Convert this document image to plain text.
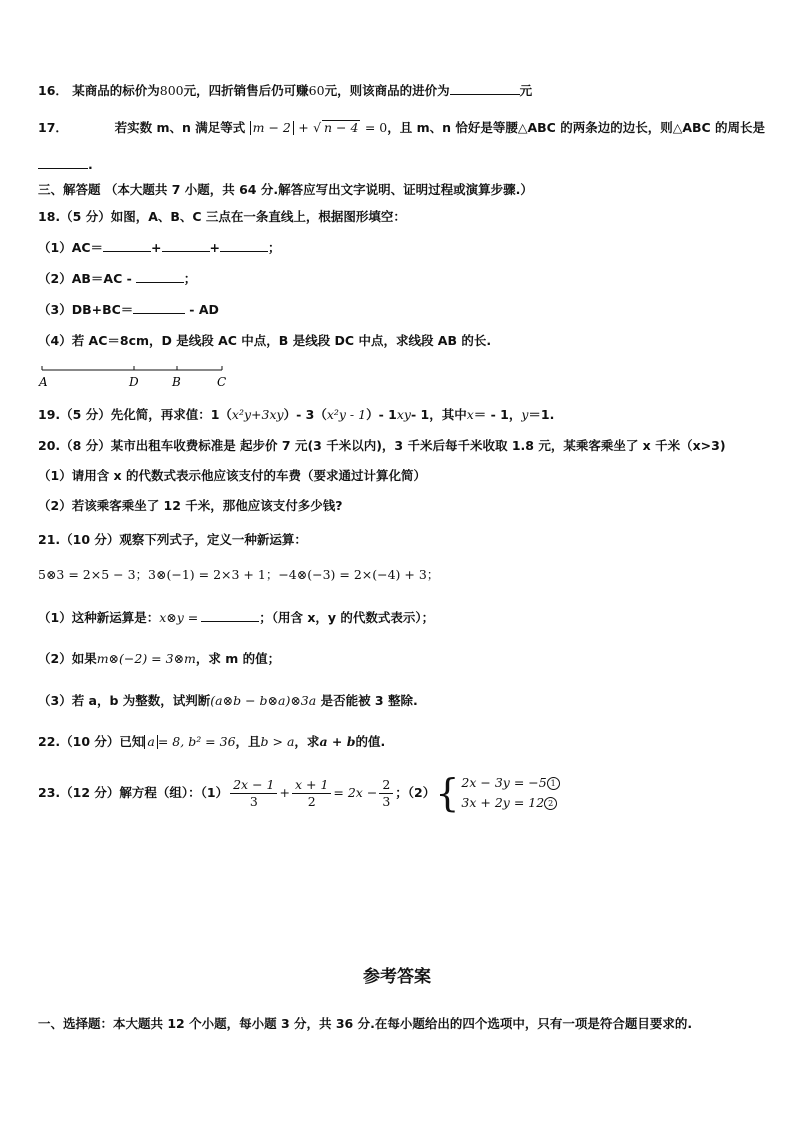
16． 某商品的标价为800元，四折销售后仍可赚60元，则该商品的进价为	元
17．	若实数 m、n 满足等式 m − 2 + √ n − 4 = 0，且 m、n 恰好是等腰△ABC 的两条边的边长，则△ABC 的周长是
.
三、解答题 （本大题共 7 小题，共 64 分.解答应写出文字说明、证明过程或演算步骤.）
18.（5 分）如图，A、B、C 三点在一条直线上，根据图形填空：
（1）AC＝	+	+	；
（2）AB＝AC -	；
（3）DB+BC＝	- AD
（4）若 AC＝8cm，D 是线段 AC 中点，B 是线段 DC 中点，求线段 AB 的长.
A	D	B	C
19.（5 分）先化简，再求值：1（x²y+3xy）- 3（x²y - 1）- 1xy- 1，其中x＝ - 1，y＝1.
20.（8 分）某市出租车收费标准是 起步价 7 元(3 千米以内)，3 千米后每千米收取 1.8 元，某乘客乘坐了 x 千米（x>3)
（1）请用含 x 的代数式表示他应该支付的车费（要求通过计算化简）
（2）若该乘客乘坐了 12 千米，那他应该支付多少钱?
21.（10 分）观察下列式子，定义一种新运算：
5⊗3 = 2×5 − 3；3⊗(−1) = 2×3 + 1；−4⊗(−3) = 2×(−4) + 3；
（1）这种新运算是：x⊗y =	；（用含 x，y 的代数式表示）；
（2）如果m⊗(−2) = 3⊗m，求 m 的值；
（3）若 a，b 为整数，试判断(a⊗b − b⊗a)⊗3a 是否能被 3 整除.
22.（10 分）已知 a = 8, b² = 36，且b > a，求a + b的值.
23.（12 分）解方程（组）：$(1) \frac{2x - 1}{3} + \frac{x + 1}{2} = 2x - \frac{2}{3}$ ；（2） { 2x − 3y = −5 1
3x + 2y = 12 2
参考答案
一、选择题：本大题共 12 个小题，每小题 3 分，共 36 分.在每小题给出的四个选项中，只有一项是符合题目要求的.
